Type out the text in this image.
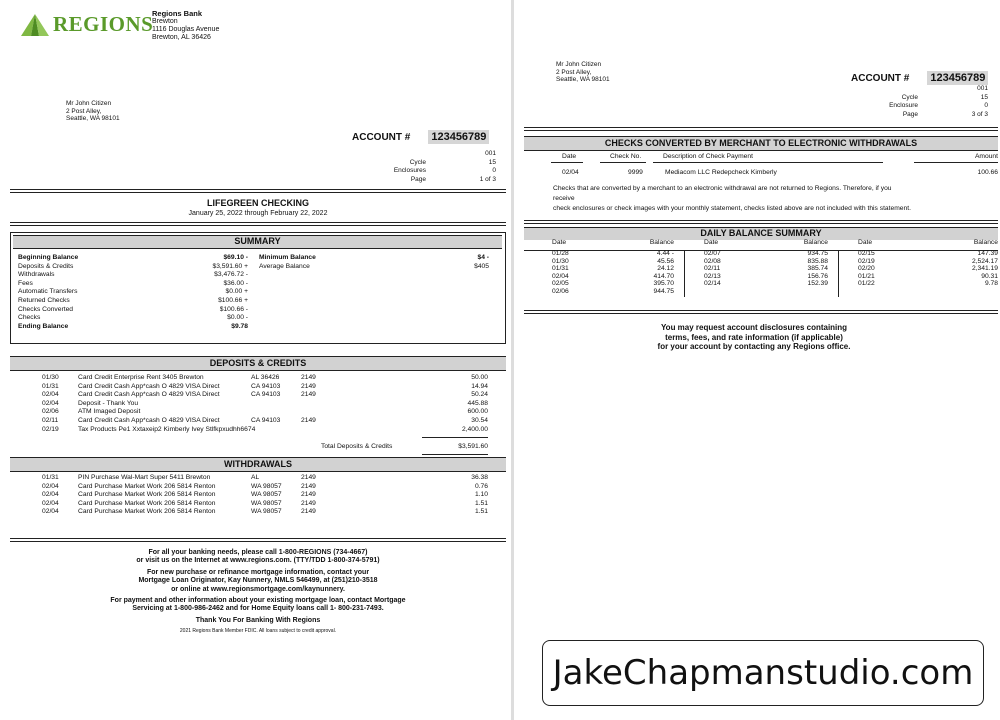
REGIONS
Regions Bank
Brewton
1116 Douglas Avenue
Brewton, AL 36426
Mr John Citizen
2 Post Alley,
Seattle, WA 98101
ACCOUNT # 123456789
001
Cycle	15
Enclosures	0
Page	1 of 3
LIFEGREEN CHECKING
January 25, 2022 through February 22, 2022
SUMMARY
Beginning Balance	$69.10 -
Deposits & Credits	$3,591.60 +
Withdrawals	$3,476.72 -
Fees	$36.00 -
Automatic Transfers	$0.00 +
Returned Checks	$100.66 +
Checks Converted	$100.66 -
Checks	$0.00 -
Ending Balance	$9.78
Minimum Balance	$4 -
Average Balance	$405
DEPOSITS & CREDITS
01/30	Card Credit Enterprise Rent 3405 Brewton	AL 36426	2149	50.00
01/31	Card Credit Cash App*cash O 4829 VISA Direct	CA 94103	2149	14.94
02/04	Card Credit Cash App*cash O 4829 VISA Direct	CA 94103	2149	50.24
02/04	Deposit - Thank You	445.88
02/06	ATM Imaged Deposit	600.00
02/11	Card Credit Cash App*cash O 4829 VISA Direct	CA 94103	2149	30.54
02/19	Tax Products Pe1 Xxtaxeip2 Kimberly Ivey Stlfkpxudhh6674	2,400.00
Total Deposits & Credits	$3,591.60
WITHDRAWALS
01/31	PIN Purchase Wal-Mart Super 5411 Brewton	AL	2149	36.38
02/04	Card Purchase Market Work 206 5814 Renton	WA 98057	2149	0.76
02/04	Card Purchase Market Work 206 5814 Renton	WA 98057	2149	1.10
02/04	Card Purchase Market Work 206 5814 Renton	WA 98057	2149	1.51
02/04	Card Purchase Market Work 206 5814 Renton	WA 98057	2149	1.51
For all your banking needs, please call 1-800-REGIONS (734-4667)
or visit us on the Internet at www.regions.com. (TTY/TDD 1-800-374-5791)
For new purchase or refinance mortgage information, contact your
Mortgage Loan Originator, Kay Nunnery, NMLS 546499, at (251)210-3518
or online at www.regionsmortgage.com/kaynunnery.
For payment and other information about your existing mortgage loan, contact Mortgage
Servicing at 1-800-986-2462 and for Home Equity loans call 1- 800-231-7493.
Thank You For Banking With Regions
2021 Regions Bank Member FDIC. All loans subject to credit approval.
Mr John Citizen
2 Post Alley,
Seattle, WA 98101	ACCOUNT # 123456789
001
Cycle	15
Enclosure	0
Page	3 of 3
CHECKS CONVERTED BY MERCHANT TO ELECTRONIC WITHDRAWALS
Date	Check No.	Description of Check Payment	Amount
02/04	9999	Mediacom LLC Redepcheck Kimberly	100.66
Checks that are converted by a merchant to an electronic withdrawal are not returned to Regions. Therefore, if you
receive
check enclosures or check images with your monthly statement, checks listed above are not included with this statement.
DAILY BALANCE SUMMARY
Date	Balance	Date	Balance	Date	Balance
01/28	4.44 -	02/07	934.75	02/15	147.39
01/30	45.56	02/08	835.88	02/19	2,524.17
01/31	24.12	02/11	385.74	02/20	2,341.19
02/04	414.70	02/13	156.76	01/21	90.31
02/05	395.70	02/14	152.39	01/22	9.78
02/06	944.75
You may request account disclosures containing
terms, fees, and rate information (if applicable)
for your account by contacting any Regions office.
JakeChapmanstudio.com
